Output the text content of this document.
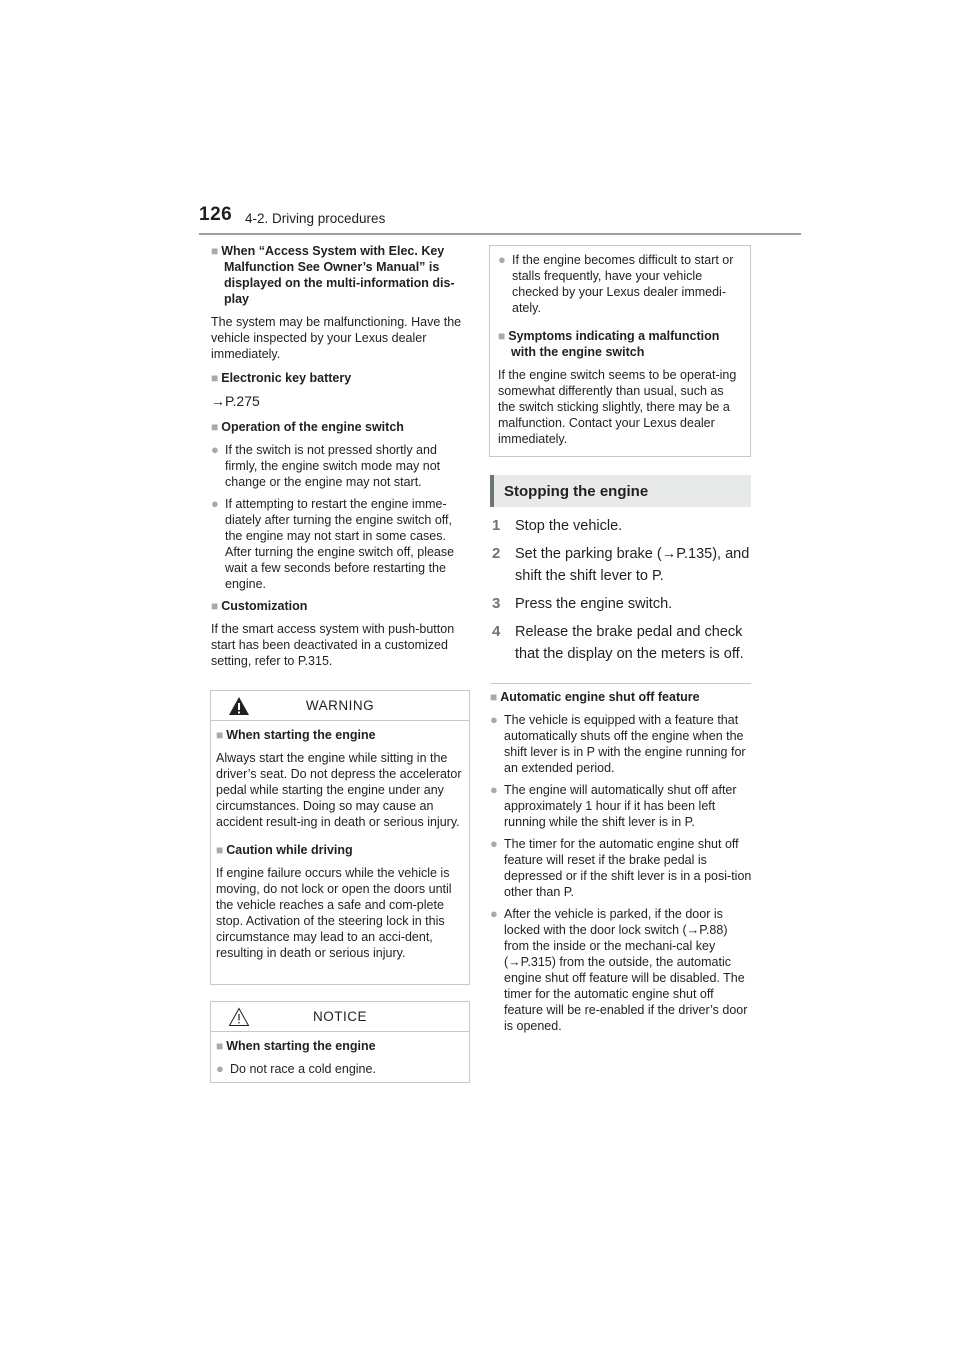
126 4-2. Driving procedures
■ When “Access System with Elec. Key Malfunction See Owner’s Manual” is displayed on the multi-information dis-play
The system may be malfunctioning. Have the vehicle inspected by your Lexus dealer immediately.
■ Electronic key battery
→P.275
■ Operation of the engine switch
● If the switch is not pressed shortly and firmly, the engine switch mode may not change or the engine may not start.
● If attempting to restart the engine imme-diately after turning the engine switch off, the engine may not start in some cases. After turning the engine switch off, please wait a few seconds before restarting the engine.
■ Customization
If the smart access system with push-button start has been deactivated in a customized setting, refer to P.315.
WARNING
■ When starting the engine
Always start the engine while sitting in the driver’s seat. Do not depress the accelerator pedal while starting the engine under any circumstances. Doing so may cause an accident result-ing in death or serious injury.
■ Caution while driving
If engine failure occurs while the vehicle is moving, do not lock or open the doors until the vehicle reaches a safe and com-plete stop. Activation of the steering lock in this circumstance may lead to an acci-dent, resulting in death or serious injury.
NOTICE
■ When starting the engine
● Do not race a cold engine.
● If the engine becomes difficult to start or stalls frequently, have your vehicle checked by your Lexus dealer immedi-ately.
■ Symptoms indicating a malfunction with the engine switch
If the engine switch seems to be operat-ing somewhat differently than usual, such as the switch sticking slightly, there may be a malfunction. Contact your Lexus dealer immediately.
Stopping the engine
1 Stop the vehicle.
2 Set the parking brake (→P.135), and shift the shift lever to P.
3 Press the engine switch.
4 Release the brake pedal and check that the display on the meters is off.
■ Automatic engine shut off feature
● The vehicle is equipped with a feature that automatically shuts off the engine when the shift lever is in P with the engine running for an extended period.
● The engine will automatically shut off after approximately 1 hour if it has been left running while the shift lever is in P.
● The timer for the automatic engine shut off feature will reset if the brake pedal is depressed or if the shift lever is in a posi-tion other than P.
● After the vehicle is parked, if the door is locked with the door lock switch (→P.88) from the inside or the mechani-cal key (→P.315) from the outside, the automatic engine shut off feature will be disabled. The timer for the automatic engine shut off feature will be re-enabled if the driver’s door is opened.
